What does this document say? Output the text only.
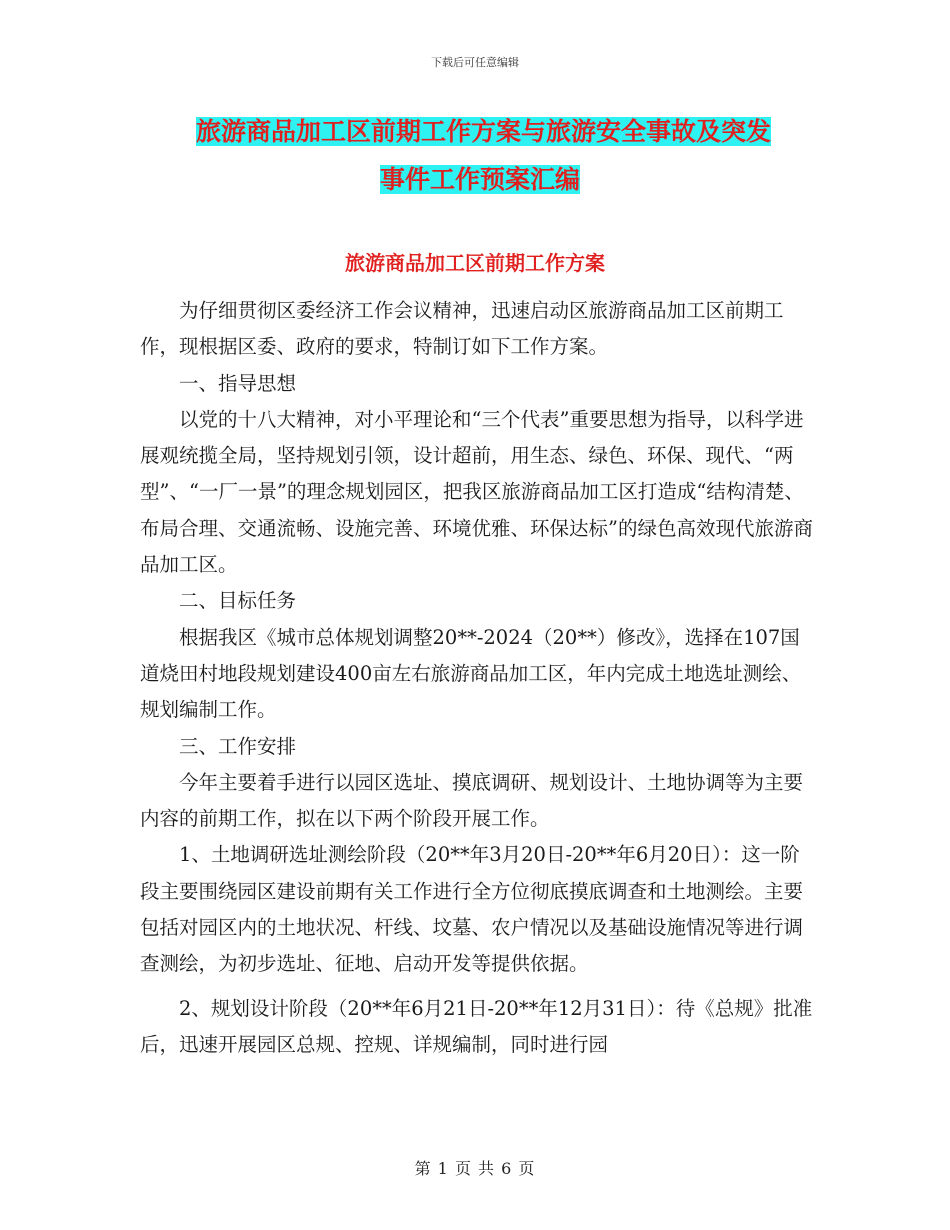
下载后可任意编辑
旅游商品加工区前期工作方案与旅游安全事故及突发
事件工作预案汇编
旅游商品加工区前期工作方案

为仔细贯彻区委经济工作会议精神，迅速启动区旅游商品加工区前期工作，现根据区委、政府的要求，特制订如下工作方案。

一、指导思想

以党的十八大精神，对小平理论和“三个代表”重要思想为指导，以科学进展观统揽全局，坚持规划引领，设计超前，用生态、绿色、环保、现代、“两型”、“一厂一景”的理念规划园区，把我区旅游商品加工区打造成“结构清楚、布局合理、交通流畅、设施完善、环境优雅、环保达标”的绿色高效现代旅游商品加工区。

二、目标任务

根据我区《城市总体规划调整20**-2024（20**）修改》，选择在107国道烧田村地段规划建设400亩左右旅游商品加工区，年内完成土地选址测绘、规划编制工作。

三、工作安排

今年主要着手进行以园区选址、摸底调研、规划设计、土地协调等为主要内容的前期工作，拟在以下两个阶段开展工作。

1、土地调研选址测绘阶段（20**年3月20日-20**年6月20日）：这一阶段主要围绕园区建设前期有关工作进行全方位彻底摸底调查和土地测绘。主要包括对园区内的土地状况、杆线、坟墓、农户情况以及基础设施情况等进行调查测绘，为初步选址、征地、启动开发等提供依据。

2、规划设计阶段（20**年6月21日-20**年12月31日）：待《总规》批准后，迅速开展园区总规、控规、详规编制，同时进行园

第 1 页 共 6 页
